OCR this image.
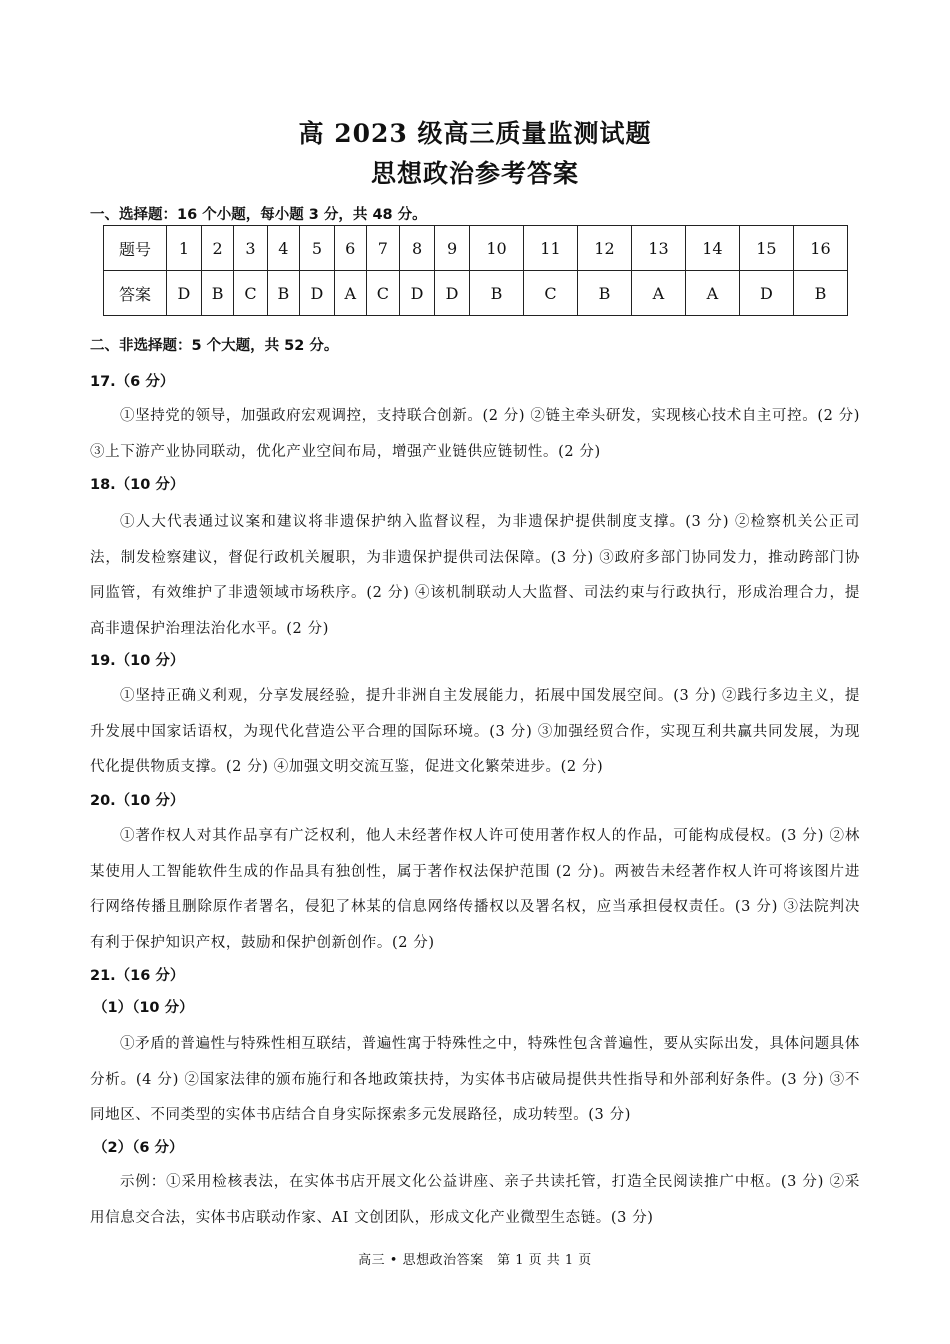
高 2023 级高三质量监测试题
思想政治参考答案
一、选择题：16 个小题，每小题 3 分，共 48 分。
题号	1	2	3	4	5	6	7	8	9	10	11	12	13	14	15	16
答案	D	B	C	B	D	A	C	D	D	B	C	B	A	A	D	B
二、非选择题：5 个大题，共 52 分。
17.（6 分）
①坚持党的领导，加强政府宏观调控，支持联合创新。(2 分) ②链主牵头研发，实现核心技术自主可控。(2 分) ③上下游产业协同联动，优化产业空间布局，增强产业链供应链韧性。(2 分)
18.（10 分）
①人大代表通过议案和建议将非遗保护纳入监督议程，为非遗保护提供制度支撑。(3 分) ②检察机关公正司法，制发检察建议，督促行政机关履职，为非遗保护提供司法保障。(3 分) ③政府多部门协同发力，推动跨部门协同监管，有效维护了非遗领域市场秩序。(2 分) ④该机制联动人大监督、司法约束与行政执行，形成治理合力，提高非遗保护治理法治化水平。(2 分)
19.（10 分）
①坚持正确义利观，分享发展经验，提升非洲自主发展能力，拓展中国发展空间。(3 分) ②践行多边主义，提升发展中国家话语权，为现代化营造公平合理的国际环境。(3 分) ③加强经贸合作，实现互利共赢共同发展，为现代化提供物质支撑。(2 分) ④加强文明交流互鉴，促进文化繁荣进步。(2 分)
20.（10 分）
①著作权人对其作品享有广泛权利，他人未经著作权人许可使用著作权人的作品，可能构成侵权。(3 分) ②林某使用人工智能软件生成的作品具有独创性，属于著作权法保护范围 (2 分)。两被告未经著作权人许可将该图片进行网络传播且删除原作者署名，侵犯了林某的信息网络传播权以及署名权，应当承担侵权责任。(3 分) ③法院判决有利于保护知识产权，鼓励和保护创新创作。(2 分)
21.（16 分）
（1）（10 分）
①矛盾的普遍性与特殊性相互联结，普遍性寓于特殊性之中，特殊性包含普遍性，要从实际出发，具体问题具体分析。(4 分) ②国家法律的颁布施行和各地政策扶持，为实体书店破局提供共性指导和外部利好条件。(3 分) ③不同地区、不同类型的实体书店结合自身实际探索多元发展路径，成功转型。(3 分)
（2）（6 分）
示例：①采用检核表法，在实体书店开展文化公益讲座、亲子共读托管，打造全民阅读推广中枢。(3 分) ②采用信息交合法，实体书店联动作家、AI 文创团队，形成文化产业微型生态链。(3 分)
高三 • 思想政治答案　第 1 页 共 1 页
